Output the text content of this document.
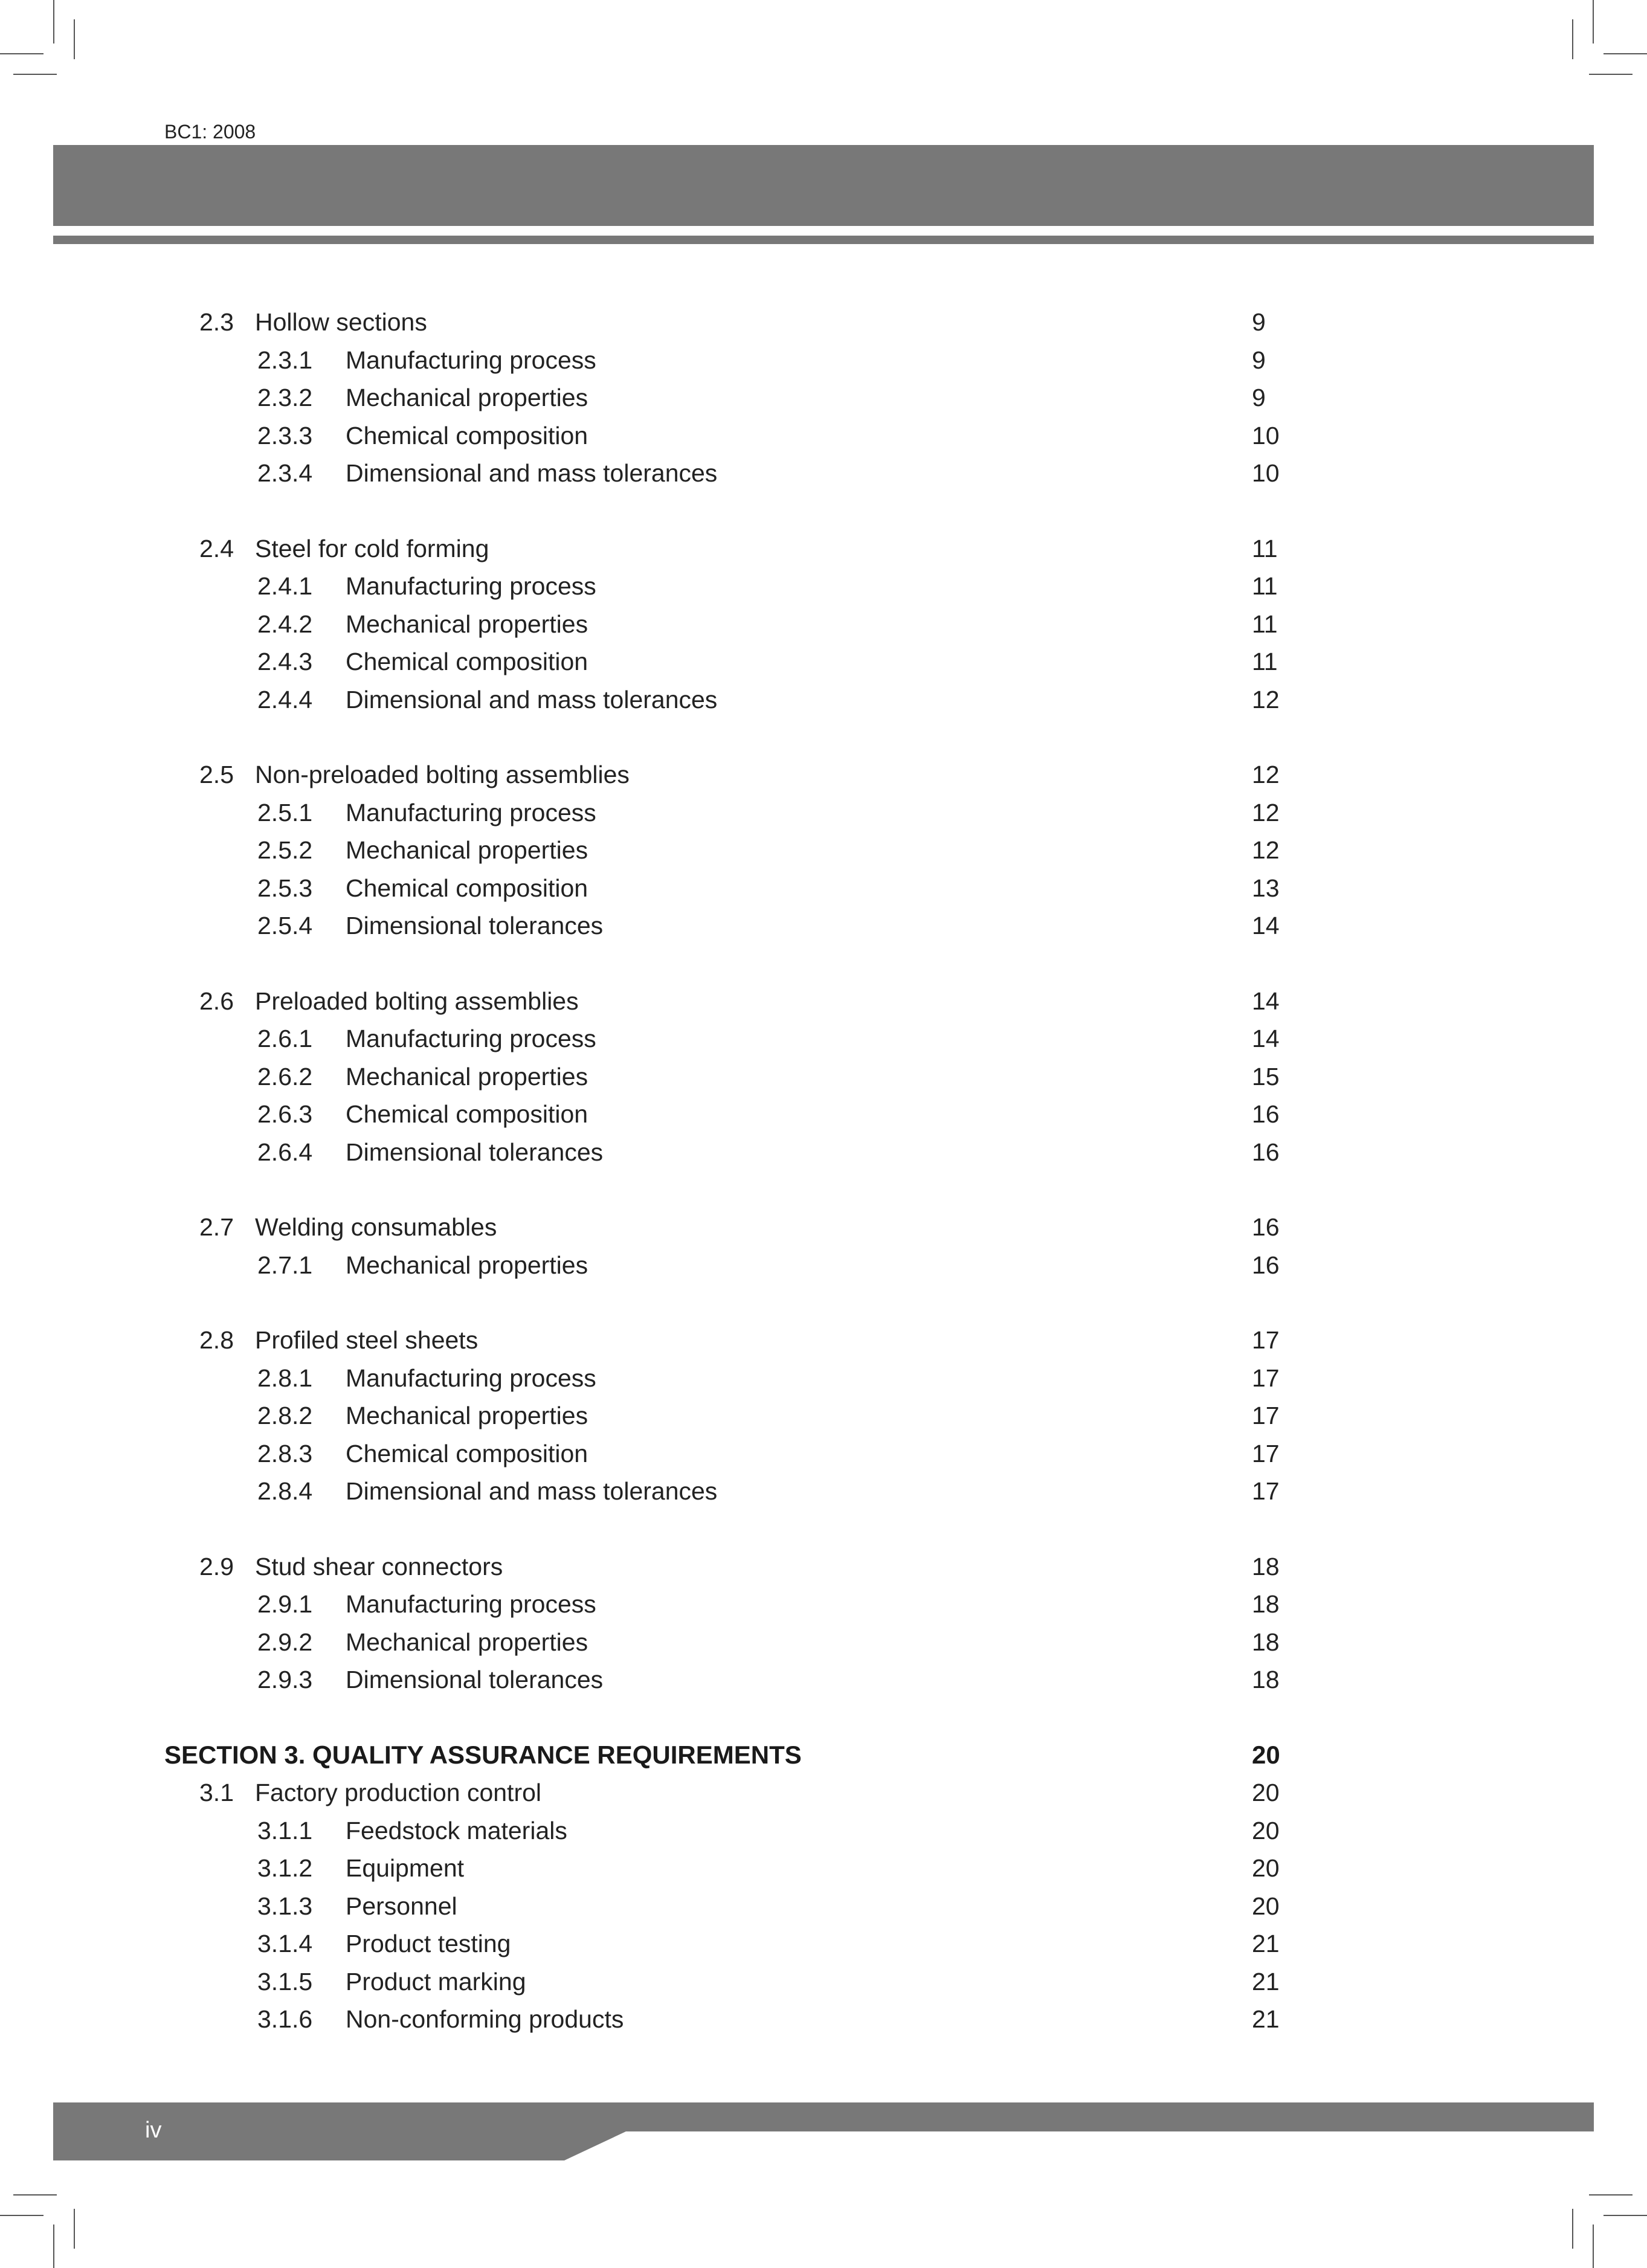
BC1: 2008
2.3 Hollow sections	9
2.3.1 Manufacturing process	9
2.3.2 Mechanical properties	9
2.3.3 Chemical composition	10
2.3.4 Dimensional and mass tolerances	10
2.4 Steel for cold forming	11
2.4.1 Manufacturing process	11
2.4.2 Mechanical properties	11
2.4.3 Chemical composition	11
2.4.4 Dimensional and mass tolerances	12
2.5 Non-preloaded bolting assemblies	12
2.5.1 Manufacturing process	12
2.5.2 Mechanical properties	12
2.5.3 Chemical composition	13
2.5.4 Dimensional tolerances	14
2.6 Preloaded bolting assemblies	14
2.6.1 Manufacturing process	14
2.6.2 Mechanical properties	15
2.6.3 Chemical composition	16
2.6.4 Dimensional tolerances	16
2.7 Welding consumables	16
2.7.1 Mechanical properties	16
2.8 Profiled steel sheets	17
2.8.1 Manufacturing process	17
2.8.2 Mechanical properties	17
2.8.3 Chemical composition	17
2.8.4 Dimensional and mass tolerances	17
2.9 Stud shear connectors	18
2.9.1 Manufacturing process	18
2.9.2 Mechanical properties	18
2.9.3 Dimensional tolerances	18
SECTION 3. QUALITY ASSURANCE REQUIREMENTS	20
3.1 Factory production control	20
3.1.1 Feedstock materials	20
3.1.2 Equipment	20
3.1.3 Personnel	20
3.1.4 Product testing	21
3.1.5 Product marking	21
3.1.6 Non-conforming products	21
iv
